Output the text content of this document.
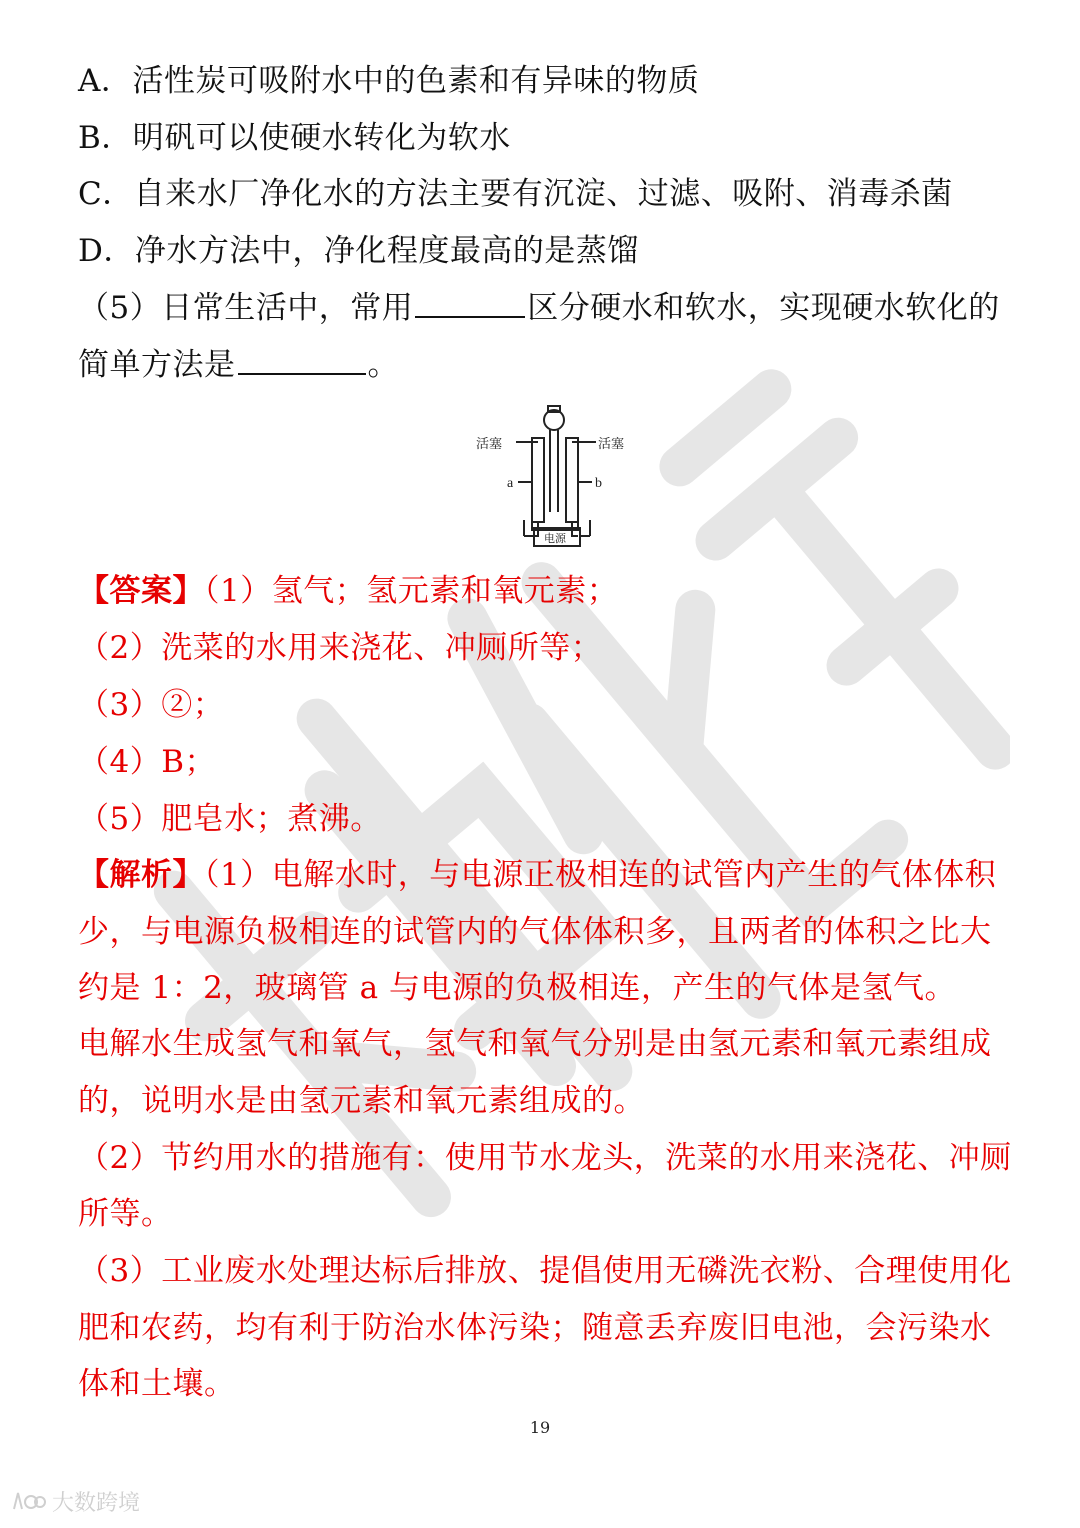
A．活性炭可吸附水中的色素和有异味的物质
B．明矾可以使硬水转化为软水
C．自来水厂净化水的方法主要有沉淀、过滤、吸附、消毒杀菌
D．净水方法中，净化程度最高的是蒸馏
（5）日常生活中，常用	区分硬水和软水，实现硬水软化的
简单方法是	。
活塞	活塞
a	b
电源
【答案】（1）氢气；氢元素和氧元素；
（2）洗菜的水用来浇花、冲厕所等；
（3）②；
（4）B；
（5）肥皂水；煮沸。
【解析】（1）电解水时，与电源正极相连的试管内产生的气体体积
少，与电源负极相连的试管内的气体体积多，且两者的体积之比大
约是 1：2，玻璃管 a 与电源的负极相连，产生的气体是氢气。
电解水生成氢气和氧气，氢气和氧气分别是由氢元素和氧元素组成
的，说明水是由氢元素和氧元素组成的。
（2）节约用水的措施有：使用节水龙头，洗菜的水用来浇花、冲厕
所等。
（3）工业废水处理达标后排放、提倡使用无磷洗衣粉、合理使用化
肥和农药，均有利于防治水体污染；随意丢弃废旧电池，会污染水
体和土壤。
19
大数跨境
